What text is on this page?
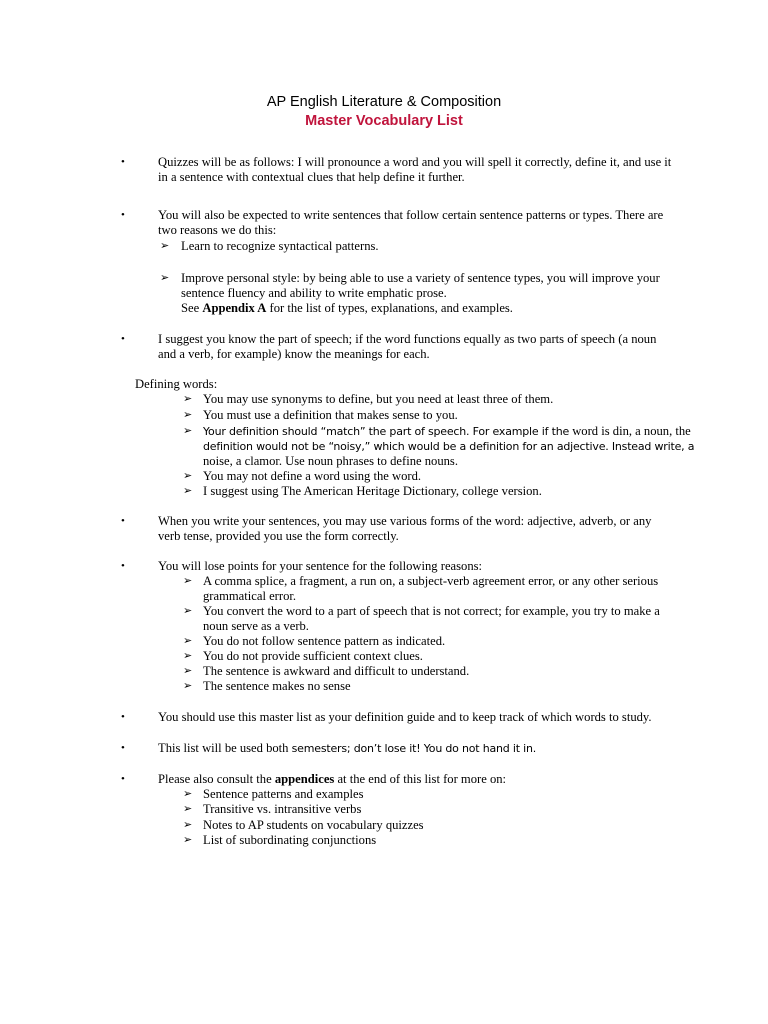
AP English Literature & Composition
Master Vocabulary List
•	Quizzes will be as follows: I will pronounce a word and you will spell it correctly, define it, and use it in a sentence with contextual clues that help define it further.
•	You will also be expected to write sentences that follow certain sentence patterns or types. There are
two reasons we do this:
➢ Learn to recognize syntactical patterns.
➢ Improve personal style: by being able to use a variety of sentence types, you will improve your
sentence fluency and ability to write emphatic prose.
See Appendix A for the list of types, explanations, and examples.
•	I suggest you know the part of speech; if the word functions equally as two parts of speech (a noun
and a verb, for example) know the meanings for each.
Defining words:
➢ You may use synonyms to define, but you need at least three of them.
➢ You must use a definition that makes sense to you.
➢ Your definition should “match” the part of speech. For example if the word is din, a noun, the
definition would not be “noisy,” which would be a definition for an adjective. Instead write, a
noise, a clamor. Use noun phrases to define nouns.
➢ You may not define a word using the word.
➢ I suggest using The American Heritage Dictionary, college version.
•	When you write your sentences, you may use various forms of the word: adjective, adverb, or any
verb tense, provided you use the form correctly.
•	You will lose points for your sentence for the following reasons:
➢ A comma splice, a fragment, a run on, a subject-verb agreement error, or any other serious
grammatical error.
➢ You convert the word to a part of speech that is not correct; for example, you try to make a
noun serve as a verb.
➢ You do not follow sentence pattern as indicated.
➢ You do not provide sufficient context clues.
➢ The sentence is awkward and difficult to understand.
➢ The sentence makes no sense
•	You should use this master list as your definition guide and to keep track of which words to study.
•	This list will be used both semesters; don’t lose it! You do not hand it in.
•	Please also consult the appendices at the end of this list for more on:
➢ Sentence patterns and examples
➢ Transitive vs. intransitive verbs
➢ Notes to AP students on vocabulary quizzes
➢ List of subordinating conjunctions
